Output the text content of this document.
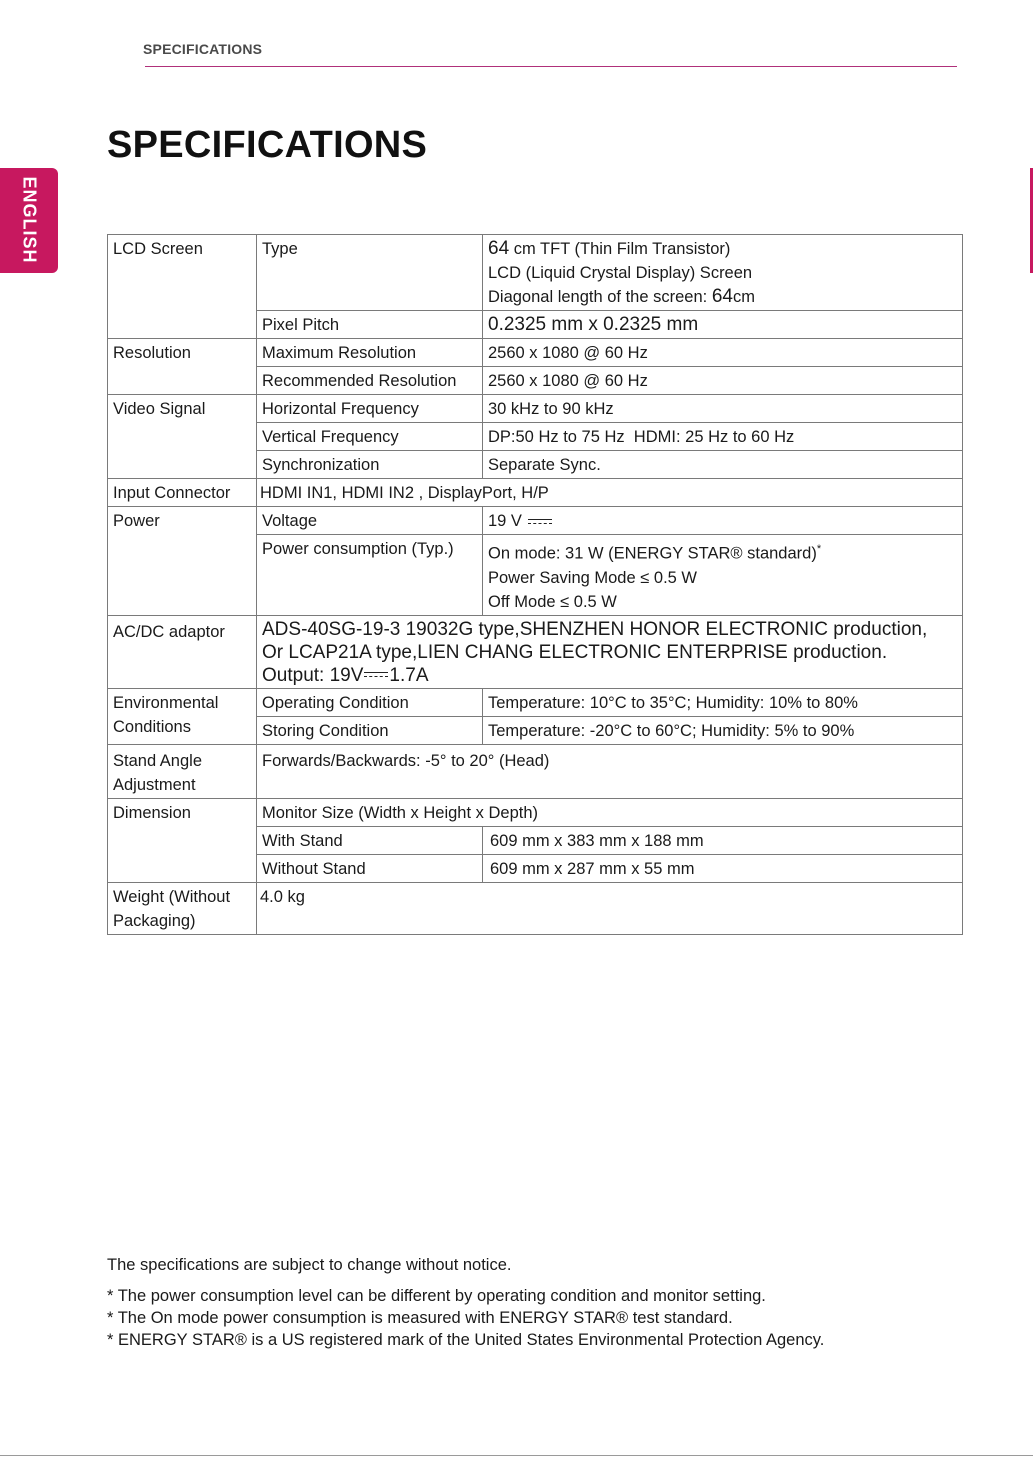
SPECIFICATIONS
ENGLISH
SPECIFICATIONS
LCD Screen	Type	64 cm TFT (Thin Film Transistor)
LCD (Liquid Crystal Display) Screen
Diagonal length of the screen: 64cm

	Pixel Pitch	0.2325 mm x 0.2325 mm
Resolution	Maximum Resolution	2560 x 1080 @ 60 Hz
	Recommended Resolution	2560 x 1080 @ 60 Hz
Video Signal	Horizontal Frequency	30 kHz to 90 kHz
	Vertical Frequency	DP:50 Hz to 75 Hz  HDMI: 25 Hz to 60 Hz
	Synchronization	Separate Sync.
Input Connector	HDMI IN1, HDMI IN2 , DisplayPort, H/P	
Power	Voltage	19 V
	Power consumption (Typ.)	On mode: 31 W (ENERGY STAR® standard)*
Power Saving Mode ≤ 0.5 W
Off Mode ≤ 0.5 W

AC/DC adaptor	ADS-40SG-19-3 19032G type,SHENZHEN HONOR ELECTRONIC production,
Or LCAP21A type,LIEN CHANG ELECTRONIC ENTERPRISE production.
Output: 19V 1.7A	

Environmental
Conditions	Operating Condition	Temperature: 10°C to 35°C; Humidity: 10% to 80%
	Storing Condition	Temperature: -20°C to 60°C; Humidity: 5% to 90%

Stand Angle
Adjustment	Forwards/Backwards: -5° to 20° (Head)	
Dimension	Monitor Size (Width x Height x Depth)	
	With Stand	609 mm x 383 mm x 188 mm
	Without Stand	609 mm x 287 mm x 55 mm

Weight (Without
Packaging)	4.0 kg	
The specifications are subject to change without notice.
* The power consumption level can be different by operating condition and monitor setting.
* The On mode power consumption is measured with ENERGY STAR® test standard.
* ENERGY STAR® is a US registered mark of the United States Environmental Protection Agency.
